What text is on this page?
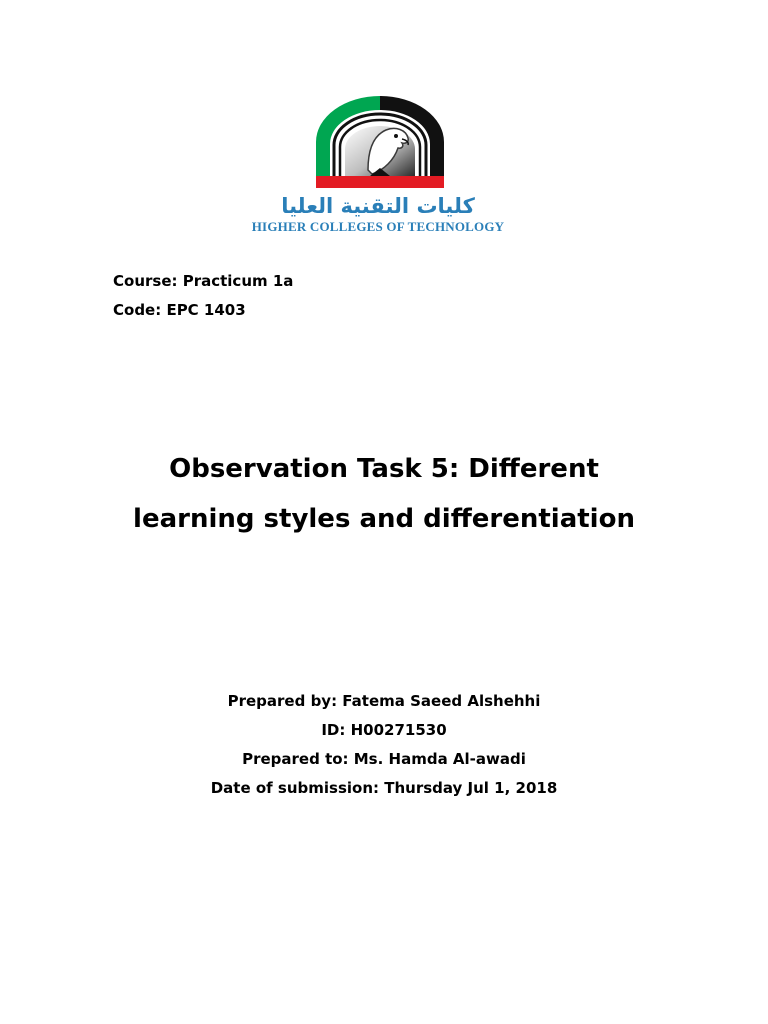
كليات التقنية العليا
HIGHER COLLEGES OF TECHNOLOGY
Course: Practicum 1a
Code: EPC 1403
Observation Task 5: Different
learning styles and differentiation
Prepared by: Fatema Saeed Alshehhi
ID: H00271530
Prepared to: Ms. Hamda Al-awadi
Date of submission: Thursday Jul 1, 2018
